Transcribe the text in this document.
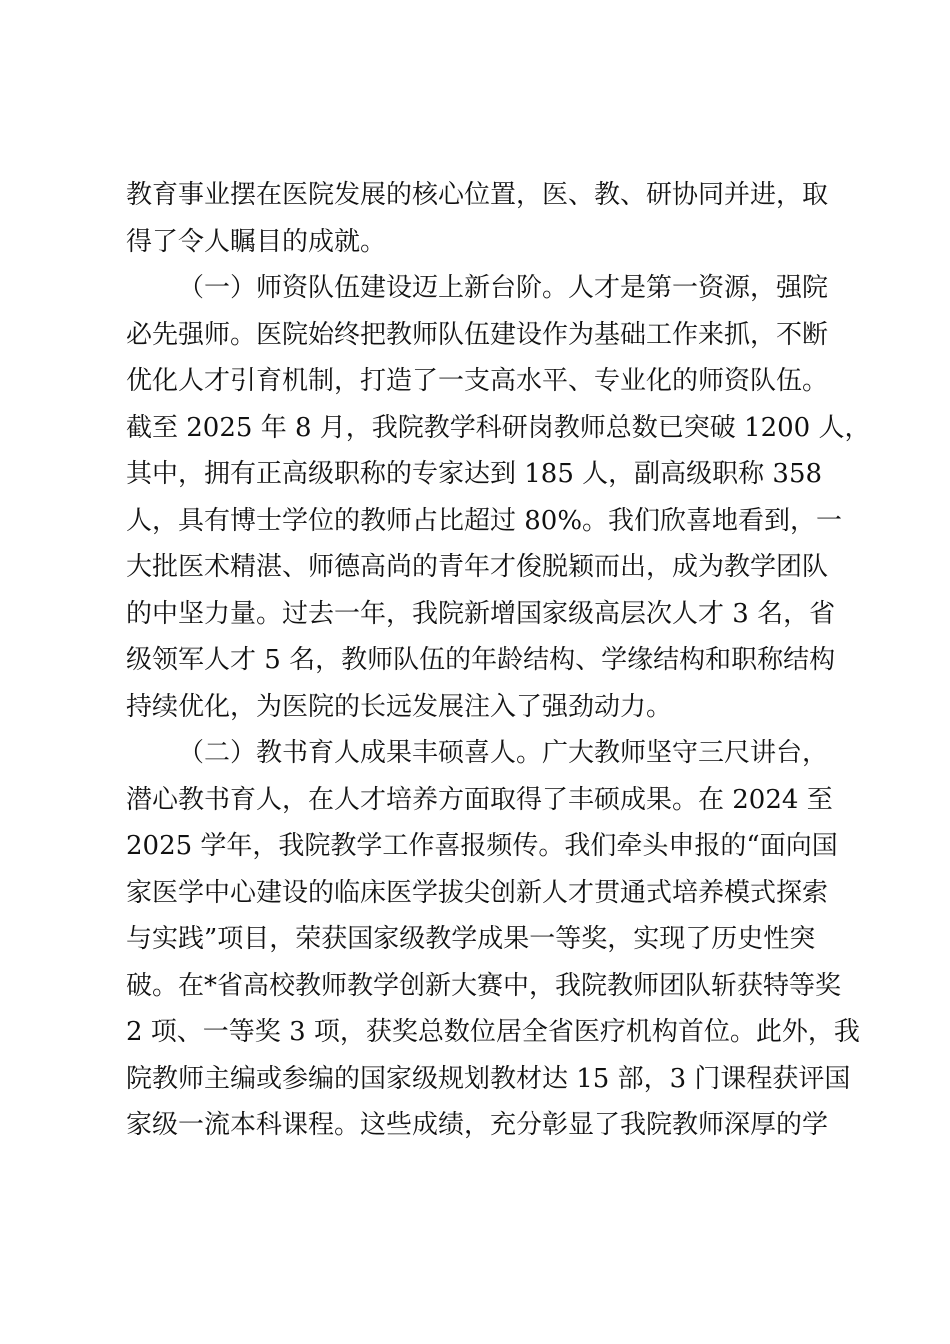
教育事业摆在医院发展的核心位置，医、教、研协同并进，取
得了令人瞩目的成就。
（一）师资队伍建设迈上新台阶。人才是第一资源，强院
必先强师。医院始终把教师队伍建设作为基础工作来抓，不断
优化人才引育机制，打造了一支高水平、专业化的师资队伍。
截至 2025 年 8 月，我院教学科研岗教师总数已突破 1200 人，
其中，拥有正高级职称的专家达到 185 人，副高级职称 358
人，具有博士学位的教师占比超过 80%。我们欣喜地看到，一
大批医术精湛、师德高尚的青年才俊脱颖而出，成为教学团队
的中坚力量。过去一年，我院新增国家级高层次人才 3 名，省
级领军人才 5 名，教师队伍的年龄结构、学缘结构和职称结构
持续优化，为医院的长远发展注入了强劲动力。
（二）教书育人成果丰硕喜人。广大教师坚守三尺讲台，
潜心教书育人，在人才培养方面取得了丰硕成果。在 2024 至
2025 学年，我院教学工作喜报频传。我们牵头申报的“面向国
家医学中心建设的临床医学拔尖创新人才贯通式培养模式探索
与实践”项目，荣获国家级教学成果一等奖，实现了历史性突
破。在*省高校教师教学创新大赛中，我院教师团队斩获特等奖
2 项、一等奖 3 项，获奖总数位居全省医疗机构首位。此外，我
院教师主编或参编的国家级规划教材达 15 部，3 门课程获评国
家级一流本科课程。这些成绩，充分彰显了我院教师深厚的学
